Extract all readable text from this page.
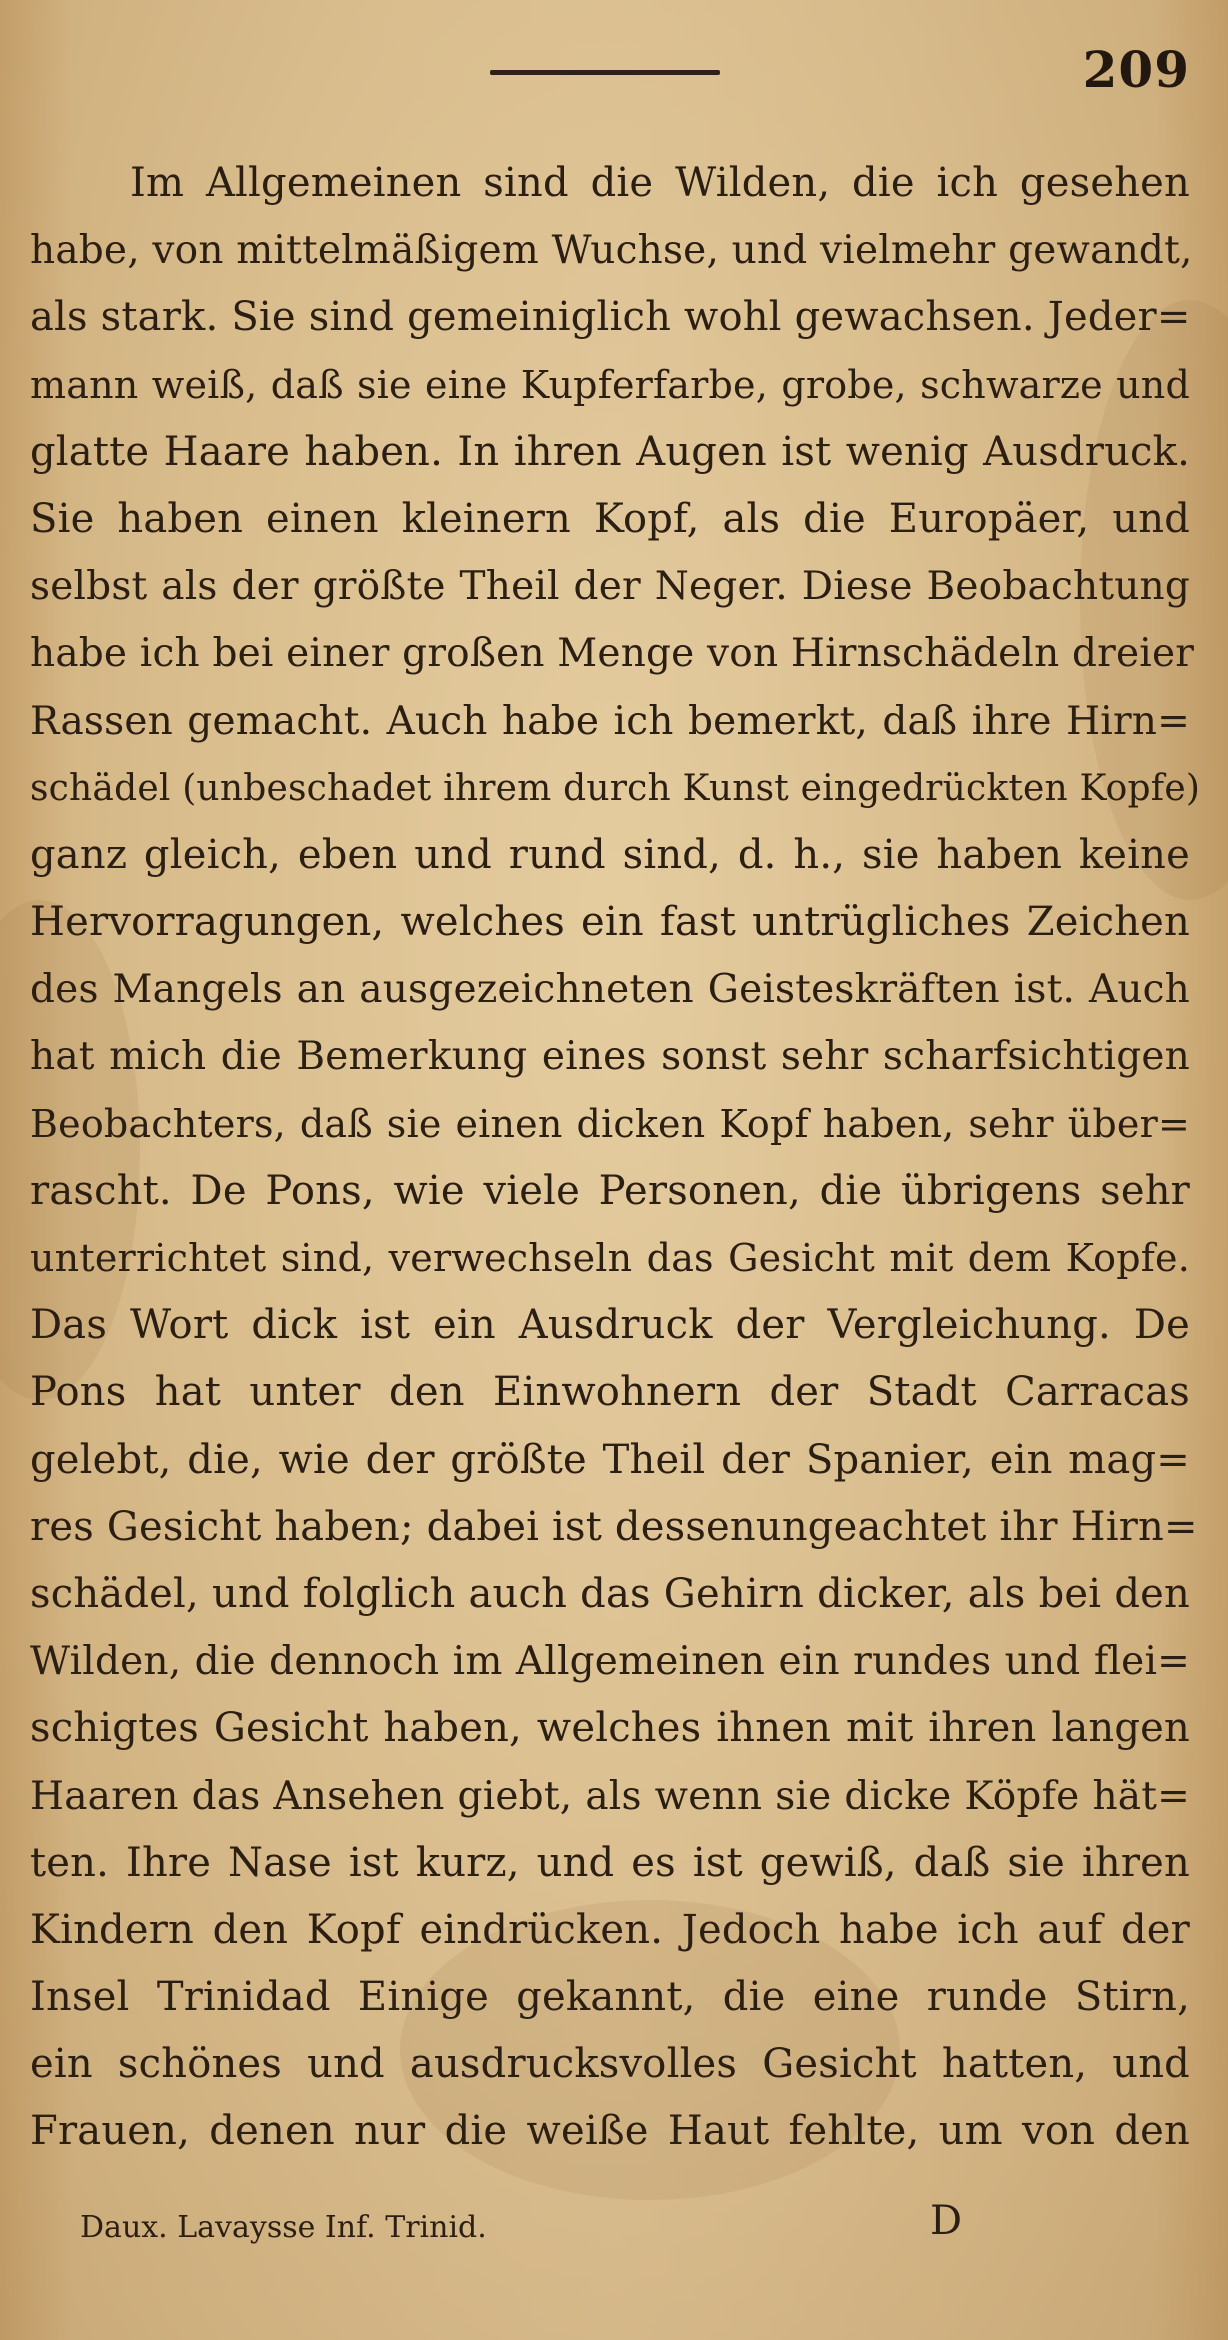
209
Im Allgemeinen sind die Wilden, die ich gesehen
habe, von mittelmäßigem Wuchse, und vielmehr gewandt,
als stark. Sie sind gemeiniglich wohl gewachsen. Jeder=
mann weiß, daß sie eine Kupferfarbe, grobe, schwarze und
glatte Haare haben. In ihren Augen ist wenig Ausdruck.
Sie haben einen kleinern Kopf, als die Europäer, und
selbst als der größte Theil der Neger. Diese Beobachtung
habe ich bei einer großen Menge von Hirnschädeln dreier
Rassen gemacht. Auch habe ich bemerkt, daß ihre Hirn=
schädel (unbeschadet ihrem durch Kunst eingedrückten Kopfe)
ganz gleich, eben und rund sind, d. h., sie haben keine
Hervorragungen, welches ein fast untrügliches Zeichen
des Mangels an ausgezeichneten Geisteskräften ist. Auch
hat mich die Bemerkung eines sonst sehr scharfsichtigen
Beobachters, daß sie einen dicken Kopf haben, sehr über=
rascht. De Pons, wie viele Personen, die übrigens sehr
unterrichtet sind, verwechseln das Gesicht mit dem Kopfe.
Das Wort dick ist ein Ausdruck der Vergleichung. De
Pons hat unter den Einwohnern der Stadt Carracas
gelebt, die, wie der größte Theil der Spanier, ein mag=
res Gesicht haben; dabei ist dessenungeachtet ihr Hirn=
schädel, und folglich auch das Gehirn dicker, als bei den
Wilden, die dennoch im Allgemeinen ein rundes und flei=
schigtes Gesicht haben, welches ihnen mit ihren langen
Haaren das Ansehen giebt, als wenn sie dicke Köpfe hät=
ten. Ihre Nase ist kurz, und es ist gewiß, daß sie ihren
Kindern den Kopf eindrücken. Jedoch habe ich auf der
Insel Trinidad Einige gekannt, die eine runde Stirn,
ein schönes und ausdrucksvolles Gesicht hatten, und
Frauen, denen nur die weiße Haut fehlte, um von den
Daux. Lavaysse Inf. Trinid.	D
